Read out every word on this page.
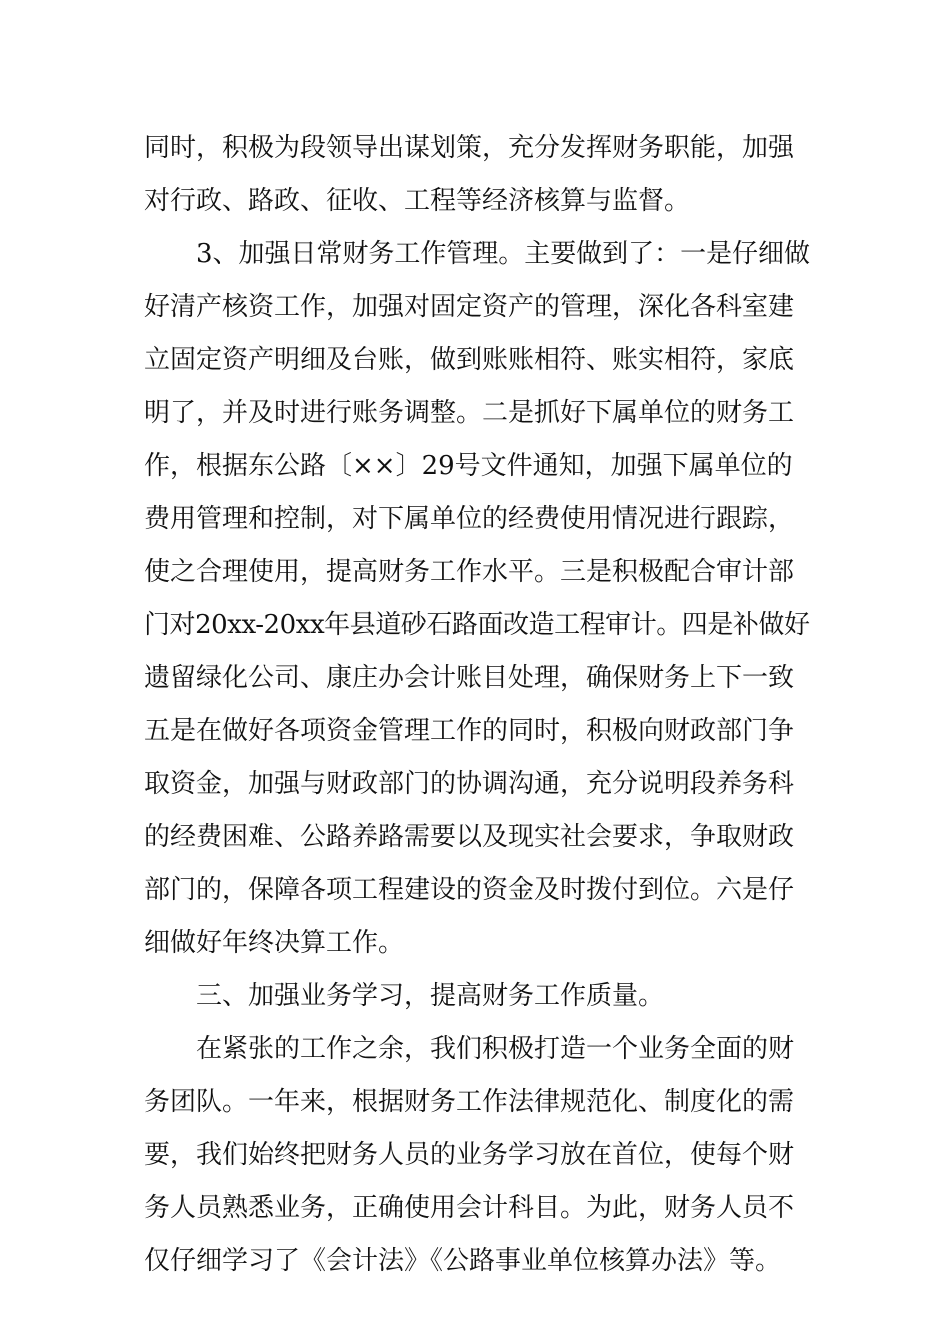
同时，积极为段领导出谋划策，充分发挥财务职能，加强

对行政、路政、征收、工程等经济核算与监督。

3、加强日常财务工作管理。主要做到了：一是仔细做

好清产核资工作，加强对固定资产的管理，深化各科室建

立固定资产明细及台账，做到账账相符、账实相符，家底

明了，并及时进行账务调整。二是抓好下属单位的财务工

作，根据东公路〔××〕29号文件通知，加强下属单位的

费用管理和控制，对下属单位的经费使用情况进行跟踪，

使之合理使用，提高财务工作水平。三是积极配合审计部

门对20xx-20xx年县道砂石路面改造工程审计。四是补做好

遗留绿化公司、康庄办会计账目处理，确保财务上下一致

五是在做好各项资金管理工作的同时，积极向财政部门争

取资金，加强与财政部门的协调沟通，充分说明段养务科

的经费困难、公路养路需要以及现实社会要求，争取财政

部门的，保障各项工程建设的资金及时拨付到位。六是仔

细做好年终决算工作。

三、加强业务学习，提高财务工作质量。

在紧张的工作之余，我们积极打造一个业务全面的财

务团队。一年来，根据财务工作法律规范化、制度化的需

要，我们始终把财务人员的业务学习放在首位，使每个财

务人员熟悉业务，正确使用会计科目。为此，财务人员不

仅仔细学习了《会计法》《公路事业单位核算办法》等。
